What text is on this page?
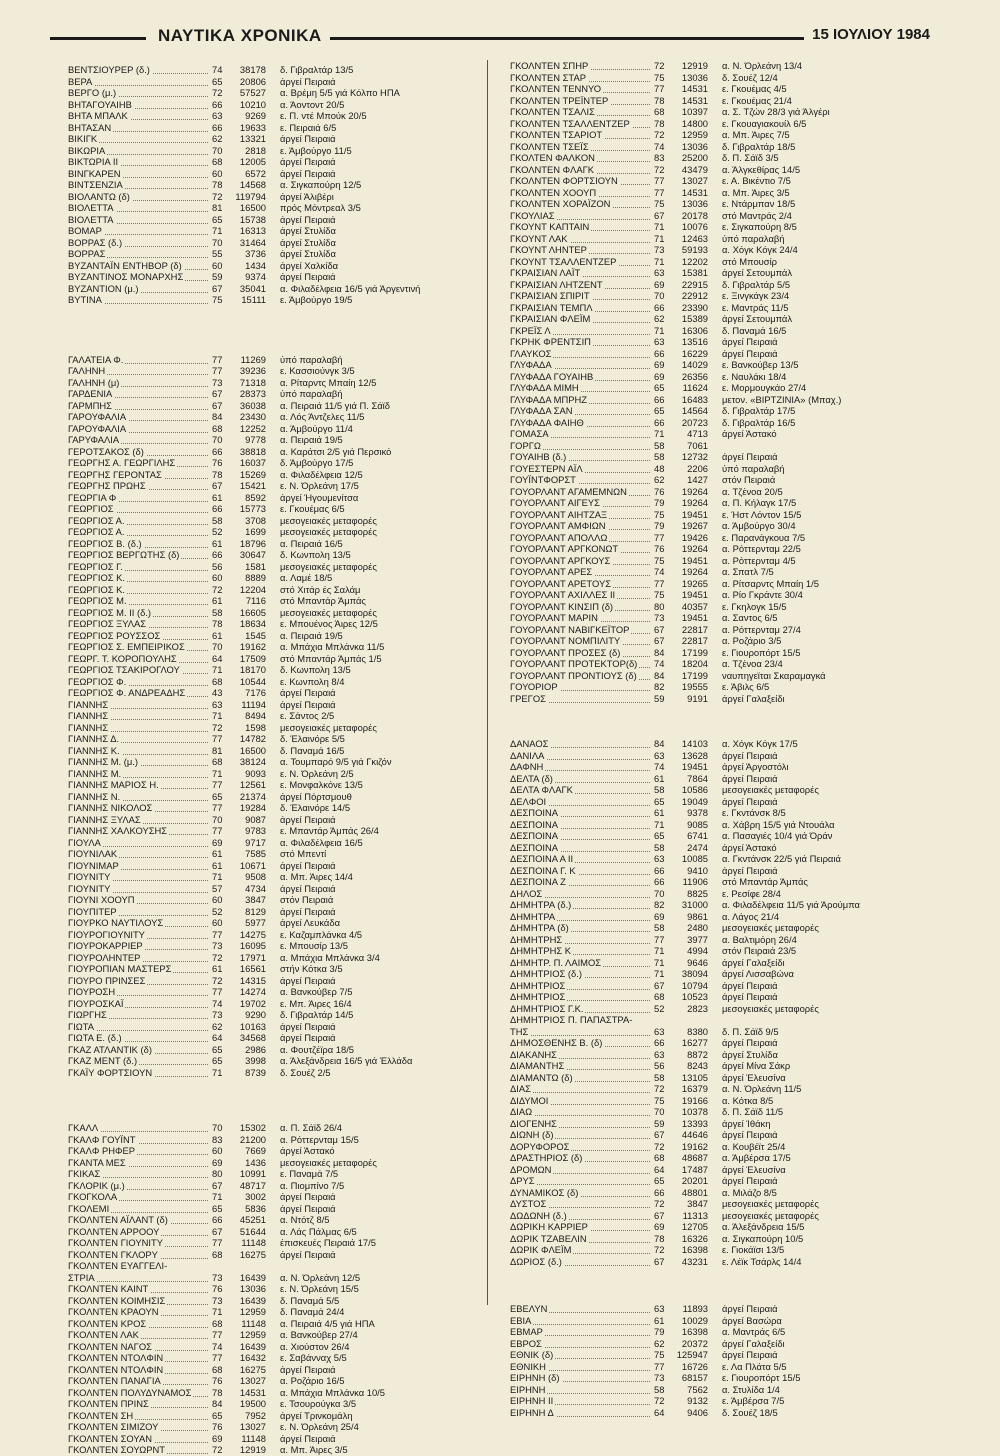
ΝΑΥΤΙΚΑ ΧΡΟΝΙΚΑ	15 ΙΟΥΛΙΟΥ 1984
ΒΕΝΤΣΙΟΥΡΕΡ (δ.)	74	38178 δ. Γιβραλτάρ 13/5
ΒΕΡΑ	65	20806 άργεί Πειραιά
ΒΕΡΓΟ (μ.)	72	57527 α. Βρέμη 5/5 γιά Κόλπο ΗΠΑ
ΒΗΤΑΓΟΥΑΙΗΒ	66	10210 α. Άοντοντ 20/5
ΒΗΤΑ ΜΠΑΛΚ	63	9269 ε. Π. ντέ Μπούκ 20/5
ΒΗΤΑΣΑΝ	66	19633 ε. Πειραιά 6/5
ΒΙΚΙΓΚ	62	13321 άργεί Πειραιά
ΒΙΚΩΡΙΑ	70	2818 ε. Άμβούργο 11/5
ΒΙΚΤΩΡΙΑ II	68	12005 άργεί Πειραιά
ΒΙΝΓΚΑΡΕΝ	60	6572 άργεί Πειραιά
ΒΙΝΤΣΕΝΖΙΑ	78	14568 α. Σιγκαπούρη 12/5
ΒΙΟΛΑΝΤΩ (δ)	72	119794 άργεί Άλιβέρι
ΒΙΟΛΕΤΤΑ	81	16500 πρός Μόντρεαλ 3/5
ΒΙΟΛΕΤΤΑ	65	15738 άργεί Πειραιά
ΒΟΜΑΡ	71	16313 άργεί Στυλίδα
ΒΟΡΡΑΣ (δ.)	70	31464 άργεί Στυλίδα
ΒΟΡΡΑΣ	55	3736 άργεί Στυλίδα
ΒΥΖΑΝΤΑΪΝ ΕΝΤΗΒΟΡ (δ)	60	1434 άργεί Χαλκίδα
ΒΥΖΑΝΤΙΝΟΣ ΜΟΝΑΡΧΗΣ	59	9374 άργεί Πειραιά
ΒΥΖΑΝΤΙΟΝ (μ.)	67	35041 α. Φιλαδέλφεια 16/5 γιά Άργεντινή
ΒΥΤΙΝΑ	75	15111 ε. Άμβούργο 19/5
ΓΑΛΑΤΕΙΑ Φ.	77	11269 ύπό παραλαβή
ΓΑΛΗΝΗ	77	39236 ε. Κασσιούνγκ 3/5
ΓΑΛΗΝΗ (μ)	73	71318 α. Ρίταρντς Μπαίη 12/5
ΓΑΡΔΕΝΙΑ	67	28373 ύπό παραλαβή
ΓΑΡΜΠΗΣ	67	36038 α. Πειραιά 11/5 γιά Π. Σάϊδ
ΓΑΡΟΥΦΑΛΙΑ	84	23430 α. Λός Άντζελες 11/5
ΓΑΡΟΥΦΑΛΙΑ	68	12252 α. Άμβούργο 11/4
ΓΑΡΥΦΑΛΙΑ	70	9778 α. Πειραιά 19/5
ΓΕΡΟΤΣΑΚΟΣ (δ)	66	38818 α. Καράτσι 2/5 γιά Περσικό
ΓΕΩΡΓΗΣ Α. ΓΕΩΡΓΙΛΗΣ	76	16037 δ. Άμβούργο 17/5
ΓΕΩΡΓΗΣ ΓΕΡΟΝΤΑΣ	78	15269 α. Φιλαδέλφεια 12/5
ΓΕΩΡΓΗΣ ΠΡΩΗΣ	67	15421 ε. Ν. Όρλεάνη 17/5
ΓΕΩΡΓΙΑ Φ	61	8592 άργεί Ήγουμενίτσα
ΓΕΩΡΓΙΟΣ	66	15773 ε. Γκουέμας 6/5
ΓΕΩΡΓΙΟΣ Α.	58	3708 μεσογειακές μεταφορές
ΓΕΩΡΓΙΟΣ Α.	52	1699 μεσογειακές μεταφορές
ΓΕΩΡΓΙΟΣ Β. (δ.)	61	18796 α. Πειραιά 16/5
ΓΕΩΡΓΙΟΣ ΒΕΡΓΩΤΗΣ (δ)	66	30647 δ. Κωνπολη 13/5
ΓΕΩΡΓΙΟΣ Γ.	56	1581 μεσογειακές μεταφορές
ΓΕΩΡΓΙΟΣ Κ.	60	8889 α. Λαμέ 18/5
ΓΕΩΡΓΙΟΣ Κ.	72	12204 στό Χιτάρ ές Σαλάμ
ΓΕΩΡΓΙΟΣ Μ.	61	7116 στό Μπαντάρ Άμπάς
ΓΕΩΡΓΙΟΣ Μ. II (δ.)	58	16605 μεσογειακές μεταφορές
ΓΕΩΡΓΙΟΣ ΞΥΛΑΣ	78	18634 ε. Μπουένος Άιρες 12/5
ΓΕΩΡΓΙΟΣ ΡΟΥΣΣΟΣ	61	1545 α. Πειραιά 19/5
ΓΕΩΡΓΙΟΣ Σ. ΕΜΠΕΙΡΙΚΟΣ	70	19162 α. Μπάχια Μπλάνκα 11/5
ΓΕΩΡΓ. Τ. ΚΟΡΟΠΟΥΛΗΣ	64	17509 στό Μπαντάρ Άμπάς 1/5
ΓΕΩΡΓΙΟΣ ΤΣΑΚΙΡΟΓΛΟΥ	71	18170 δ. Κωνπολη 13/5
ΓΕΩΡΓΙΟΣ Φ.	68	10544 ε. Κωνπολη 8/4
ΓΕΩΡΓΙΟΣ Φ. ΑΝΔΡΕΑΔΗΣ	43	7176 άργεί Πειραιά
ΓΙΑΝΝΗΣ	63	11194 άργεί Πειραιά
ΓΙΑΝΝΗΣ	71	8494 ε. Σάντος 2/5
ΓΙΑΝΝΗΣ	72	1598 μεσογειακές μεταφορές
ΓΙΑΝΝΗΣ Δ.	77	14782 δ. Έλαινόρε 5/5
ΓΙΑΝΝΗΣ Κ.	81	16500 δ. Παναμά 16/5
ΓΙΑΝΝΗΣ Μ. (μ.)	68	38124 α. Τουμπαρό 9/5 γιά Γκιζόν
ΓΙΑΝΝΗΣ Μ.	71	9093 ε. Ν. Όρλεάνη 2/5
ΓΙΑΝΝΗΣ ΜΑΡΙΟΣ Η.	77	12561 ε. Μονφαλκόνε 13/5
ΓΙΑΝΝΗΣ Ν.	65	21374 άργεί Πόρτσμουθ
ΓΙΑΝΝΗΣ ΝΙΚΟΛΟΣ	77	19284 δ. Έλαινόρε 14/5
ΓΙΑΝΝΗΣ ΞΥΛΑΣ	70	9087 άργεί Πειραιά
ΓΙΑΝΝΗΣ ΧΑΛΚΟΥΣΗΣ	77	9783 ε. Μπαντάρ Άμπάς 26/4
ΓΙΟΥΛΑ	69	9717 α. Φιλαδέλφεια 16/5
ΓΙΟΥΝΙΛΑΚ	61	7585 στό Μπεντί
ΓΙΟΥΝΙΜΑΡ	61	10671 άργεί Πειραιά
ΓΙΟΥΝΙΤΥ	71	9508 α. Μπ. Άιρες 14/4
ΓΙΟΥΝΙΤΥ	57	4734 άργεί Πειραιά
ΓΙΟΥΝΙ ΧΟΟΥΠ	60	3847 στόν Πειραιά
ΓΙΟΥΠΙΤΕΡ	52	8129 άργεί Πειραιά
ΓΙΟΥΡΚΟ ΝΑΥΤΙΛΟΥΣ	60	5977 άργεί Λευκάδα
ΓΙΟΥΡΟΓΙΟΥΝΙΤΥ	77	14275 ε. Καζαμπλάνκα 4/5
ΓΙΟΥΡΟΚΑΡΡΙΕΡ	73	16095 ε. Μπουσίρ 13/5
ΓΙΟΥΡΟΛΗΝΤΕΡ	72	17971 α. Μπάχια Μπλάνκα 3/4
ΓΙΟΥΡΟΠΙΑΝ ΜΑΣΤΕΡΣ	61	16561 στήν Κότκα 3/5
ΓΙΟΥΡΟ ΠΡΙΝΣΕΣ	72	14315 άργεί Πειραιά
ΓΙΟΥΡΟΣΗ	77	14274 α. Βανκούβερ 7/5
ΓΙΟΥΡΟΣΚΑΪ	74	19702 ε. Μπ. Άιρες 16/4
ΓΙΩΡΓΗΣ	73	9290 δ. Γιβραλτάρ 14/5
ΓΙΩΤΑ	62	10163 άργεί Πειραιά
ΓΙΩΤΑ Ε. (δ.)	64	34568 άργεί Πειραιά
ΓΚΑΖ ΑΤΛΑΝΤΙΚ (δ)	65	2986 α. Φουτζέϊρα 18/5
ΓΚΑΖ ΜΕΝΤ (δ.)	65	3998 α. Άλεξάνδρεια 16/5 γιά Έλλάδα
ΓΚΑΪΥ ΦΟΡΤΣΙΟΥΝ	71	8739 δ. Σουέζ 2/5
ΓΚΑΛΛ	70	15302 α. Π. Σάϊδ 26/4
ΓΚΑΛΦ ΓΟΥΪΝΤ	83	21200 α. Ρόττερνταμ 15/5
ΓΚΑΛΦ ΡΗΦΕΡ	60	7669 άργεί Άστακό
ΓΚΑΝΤΑ ΜΕΣ	69	1436 μεσογειακές μεταφορές
ΓΚΙΚΑΣ	80	10991 ε. Παναμά 7/5
ΓΚΛΟΡΙΚ (μ.)	67	48717 α. Πιομπίνο 7/5
ΓΚΟΓΚΟΛΑ	71	3002 άργεί Πειραιά
ΓΚΟΛΕΜΙ	65	5836 άργεί Πειραιά
ΓΚΟΛΝΤΕΝ ΑΪΛΑΝΤ (δ)	66	45251 α. Ντότζ 8/5
ΓΚΟΛΝΤΕΝ ΑΡΡΟΟΥ	67	51644 α. Λάς Πάλμας 6/5
ΓΚΟΛΝΤΕΝ ΓΙΟΥΝΙΤΥ	77	11148 έπισκευές Πειραιά 17/5
ΓΚΟΛΝΤΕΝ ΓΚΛΟΡΥ	68	16275 άργεί Πειραιά
ΓΚΟΛΝΤΕΝ ΕΥΑΓΓΕΛΙ-
ΣΤΡΙΑ	73	16439 α. Ν. Όρλεάνη 12/5
ΓΚΟΛΝΤΕΝ ΚΑΙΝΤ	76	13036 ε. Ν. Όρλεάνη 15/5
ΓΚΟΛΝΤΕΝ ΚΟΙΜΗΣΙΣ	73	16439 δ. Παναμά 5/5
ΓΚΟΛΝΤΕΝ ΚΡΑΟΥΝ	71	12959 δ. Παναμά 24/4
ΓΚΟΛΝΤΕΝ ΚΡΟΣ	68	11148 α. Πειραιά 4/5 γιά ΗΠΑ
ΓΚΟΛΝΤΕΝ ΛΑΚ	77	12959 α. Βανκούβερ 27/4
ΓΚΟΛΝΤΕΝ ΝΑΓΟΣ	74	16439 α. Χιούστον 26/4
ΓΚΟΛΝΤΕΝ ΝΤΟΛΦΙΝ	77	16432 ε. Σαβάνναχ 5/5
ΓΚΟΛΝΤΕΝ ΝΤΟΛΦΙΝ	68	16275 άργεί Πειραιά
ΓΚΟΛΝΤΕΝ ΠΑΝΑΓΙΑ	76	13027 α. Ροζάριο 16/5
ΓΚΟΛΝΤΕΝ ΠΟΛΥΔΥΝΑΜΟΣ	78	14531 α. Μπάχια Μπλάνκα 10/5
ΓΚΟΛΝΤΕΝ ΠΡΙΝΣ	84	19500 ε. Τσουρούγκα 3/5
ΓΚΟΛΝΤΕΝ ΣΗ	65	7952 άργεί Τρινκομάλη
ΓΚΟΛΝΤΕΝ ΣΙΜΙΖΟΥ	76	13027 ε. Ν. Όρλεάνη 25/4
ΓΚΟΛΝΤΕΝ ΣΟΥΑΝ	69	11148 άργεί Πειραιά
ΓΚΟΛΝΤΕΝ ΣΟΥΩΡΝΤ	72	12919 α. Μπ. Άιρες 3/5
ΓΚΟΛΝΤΕΝ ΣΠΗΡ	72	12919 α. Ν. Όρλεάνη 13/4
ΓΚΟΛΝΤΕΝ ΣΤΑΡ	75	13036 δ. Σουέζ 12/4
ΓΚΟΛΝΤΕΝ ΤΕΝΝΥΟ	77	14531 ε. Γκουέμας 4/5
ΓΚΟΛΝΤΕΝ ΤΡΕΪΝΤΕΡ	78	14531 ε. Γκουέμας 21/4
ΓΚΟΛΝΤΕΝ ΤΣΑΛΙΣ	68	10397 α. Σ. Τζών 28/3 γιά Άλγέρι
ΓΚΟΛΝΤΕΝ ΤΣΑΛΛΕΝΤΖΕΡ	78	14800 ε. Γκουαγιακουίλ 6/5
ΓΚΟΛΝΤΕΝ ΤΣΑΡΙΟΤ	72	12959 α. Μπ. Άιρες 7/5
ΓΚΟΛΝΤΕΝ ΤΣΕΪΣ	74	13036 δ. Γιβραλτάρ 18/5
ΓΚΟΛΤΕΝ ΦΑΛΚΟΝ	83	25200 δ. Π. Σάϊδ 3/5
ΓΚΟΛΝΤΕΝ ΦΛΑΓΚ	72	43479 α. Άλγκεθίρας 14/5
ΓΚΟΛΝΤΕΝ ΦΟΡΤΣΙΟΥΝ	77	13027 ε. Α. Βικέντιο 7/5
ΓΚΟΛΝΤΕΝ ΧΟΟΥΠ	77	14531 α. Μπ. Άιρες 3/5
ΓΚΟΛΝΤΕΝ ΧΟΡΑΪΖΟΝ	75	13036 ε. Ντάρμπαν 18/5
ΓΚΟΥΛΙΑΣ	67	20178 στό Μαντράς 2/4
ΓΚΟΥΝΤ ΚΑΠΤΑΙΝ	71	10076 ε. Σιγκαπούρη 8/5
ΓΚΟΥΝΤ ΛΑΚ	71	12463 ύπό παραλαβή
ΓΚΟΥΝΤ ΛΗΝΤΕΡ	73	59193 α. Χόγκ Κόγκ 24/4
ΓΚΟΥΝΤ ΤΣΑΛΛΕΝΤΖΕΡ	71	12202 στό Μπουσίρ
ΓΚΡΑΙΣΙΑΝ ΛΑΪΤ	63	15381 άργεί Σετουμπάλ
ΓΚΡΑΙΣΙΑΝ ΛΗΤΖΕΝΤ	69	22915 δ. Γιβραλτάρ 5/5
ΓΚΡΑΙΣΙΑΝ ΣΠΙΡΙΤ	70	22912 ε. Ξινγκάγκ 23/4
ΓΚΡΑΙΣΙΑΝ ΤΕΜΠΛ	66	23390 ε. Μαντράς 11/5
ΓΚΡΑΙΣΙΑΝ ΦΛΕΪΜ	62	15389 άργεί Σετουμπάλ
ΓΚΡΕΪΣ Λ	71	16306 δ. Παναμά 16/5
ΓΚΡΗΚ ΦΡΕΝΤΣΙΠ	63	13516 άργεί Πειραιά
ΓΛΑΥΚΟΣ	66	16229 άργεί Πειραιά
ΓΛΥΦΑΔΑ	69	14029 ε. Βανκούβερ 13/5
ΓΛΥΦΑΔΑ ΓΟΥΑΙΗΒ	69	26356 ε. Ναυλάκι 18/4
ΓΛΥΦΑΔΑ ΜΙΜΗ	65	11624 ε. Μορμουγκάο 27/4
ΓΛΥΦΑΔΑ ΜΠΡΗΖ	66	16483 μετον. «ΒΙΡΤΖΙΝΙΑ» (Μπαχ.)
ΓΛΥΦΑΔΑ ΣΑΝ	65	14564 δ. Γιβραλτάρ 17/5
ΓΛΥΦΑΔΑ ΦΑΙΗΘ	66	20723 δ. Γιβραλτάρ 16/5
ΓΟΜΑΣΑ	71	4713 άργεί Άστακό
ΓΟΡΓΩ	58	7061
ΓΟΥΑΙΗΒ (δ.)	58	12732 άργεί Πειραιά
ΓΟΥΕΣΤΕΡΝ ΑΪΛ	48	2206 ύπό παραλαβή
ΓΟΥΪΝΤΦΟΡΣΤ	62	1427 στόν Πειραιά
ΓΟΥΟΡΛΑΝΤ ΑΓΑΜΕΜΝΩΝ	76	19264 α. Τζένοα 20/5
ΓΟΥΟΡΛΑΝΤ ΑΙΓΕΥΣ	79	19264 α. Π. Κήλαγκ 17/5
ΓΟΥΟΡΛΑΝΤ ΑΙΗΤΖΑΞ	75	19451 ε. Ήστ Λόντον 15/5
ΓΟΥΟΡΛΑΝΤ ΑΜΦΙΩΝ	79	19267 α. Άμβούργο 30/4
ΓΟΥΟΡΛΑΝΤ ΑΠΟΛΛΩ	77	19426 ε. Παρανάγκουα 7/5
ΓΟΥΟΡΛΑΝΤ ΑΡΓΚΟΝΩΤ	76	19264 α. Ρόττερνταμ 22/5
ΓΟΥΟΡΛΑΝΤ ΑΡΓΚΟΥΣ	75	19451 α. Ρόττερνταμ 4/5
ΓΟΥΟΡΛΑΝΤ ΑΡΕΣ	74	19264 α. Σπατλ 7/5
ΓΟΥΟΡΛΑΝΤ ΑΡΕΤΟΥΣ	77	19265 α. Ρίτσαρντς Μπαίη 1/5
ΓΟΥΟΡΛΑΝΤ ΑΧΙΛΛΕΣ II	75	19451 α. Ρίο Γκράντε 30/4
ΓΟΥΟΡΛΑΝΤ ΚΙΝΣΙΠ (δ)	80	40357 ε. Γκηλογκ 15/5
ΓΟΥΟΡΛΑΝΤ ΜΑΡΙΝ	73	19451 α. Σαντος 6/5
ΓΟΥΟΡΛΑΝΤ ΝΑΒΙΓΚΕΪΤΟΡ	67	22817 α. Ρόττερνταμ 27/4
ΓΟΥΟΡΛΑΝΤ ΝΟΜΠΙΛΙΤΥ	67	22817 α. Ροζάριο 3/5
ΓΟΥΟΡΛΑΝΤ ΠΡΟΣΕΣ (δ)	84	17199 ε. Γιουροπόρτ 15/5
ΓΟΥΟΡΛΑΝΤ ΠΡΟΤΕΚΤΟΡ(δ)	74	18204 α. Τζένοα 23/4
ΓΟΥΟΡΛΑΝΤ ΠΡΟΝΤΙΟΥΣ (δ)	84	17199 ναυπηγεϊται Σκαραμαγκά
ΓΟΥΟΡΙΟΡ	82	19555 ε. Άβιλς 6/5
ΓΡΕΓΟΣ	59	9191 άργεί Γαλαξείδι
ΔΑΝΑΟΣ	84	14103 α. Χόγκ Κόγκ 17/5
ΔΑΝΙΛΑ	63	13628 άργεί Πειραιά
ΔΑΦΝΗ	74	19451 άργεί Άργοστόλι
ΔΕΛΤΑ (δ)	61	7864 άργεί Πειραιά
ΔΕΛΤΑ ΦΛΑΓΚ	58	10586 μεσογειακές μεταφορές
ΔΕΛΦΟΙ	65	19049 άργεί Πειραιά
ΔΕΣΠΟΙΝΑ	61	9378 ε. Γκντάνσκ 8/5
ΔΕΣΠΟΙΝΑ	71	9085 α. Χάβρη 15/5 γιά Ντουάλα
ΔΕΣΠΟΙΝΑ	65	6741 α. Πασαγιές 10/4 γιά Όράν
ΔΕΣΠΟΙΝΑ	58	2474 άργεί Άστακό
ΔΕΣΠΟΙΝΑ Α II	63	10085 α. Γκντάνσκ 22/5 γιά Πειραιά
ΔΕΣΠΟΙΝΑ Γ. Κ	66	9410 άργεί Πειραιά
ΔΕΣΠΟΙΝΑ Ζ	66	11906 στό Μπαντάρ Άμπάς
ΔΗΛΟΣ	70	8825 ε. Ρεσίφε 28/4
ΔΗΜΗΤΡΑ (δ.)	82	31000 α. Φιλαδέλφεια 11/5 γιά Άρούμπα
ΔΗΜΗΤΡΑ	69	9861 α. Λάγος 21/4
ΔΗΜΗΤΡΑ (δ)	58	2480 μεσογειακές μεταφορές
ΔΗΜΗΤΡΗΣ	77	3977 α. Βαλτιμόρη 26/4
ΔΗΜΗΤΡΗΣ Κ	71	4994 στόν Πειραιά 23/5
ΔΗΜΗΤΡ. Π. ΛΑΙΜΟΣ	71	9646 άργεί Γαλαξείδι
ΔΗΜΗΤΡΙΟΣ (δ.)	71	38094 άργεί Λισσαβώνα
ΔΗΜΗΤΡΙΟΣ	67	10794 άργεί Πειραιά
ΔΗΜΗΤΡΙΟΣ	68	10523 άργεί Πειραιά
ΔΗΜΗΤΡΙΟΣ Γ.Κ.	52	2823 μεσογειακές μεταφορές
ΔΗΜΗΤΡΙΟΣ Π. ΠΑΠΑΣΤΡΑ-
ΤΗΣ	63	8380 δ. Π. Σάϊδ 9/5
ΔΗΜΟΣΘΕΝΗΣ Β. (δ)	66	16277 άργεί Πειραιά
ΔΙΑΚΑΝΗΣ	63	8872 άργεί Στυλίδα
ΔΙΑΜΑΝΤΗΣ	56	8243 άργεί Μίνα Σάκρ
ΔΙΑΜΑΝΤΩ (δ)	58	13105 άργεί Έλευσίνα
ΔΙΑΣ	72	16379 α. Ν. Όρλεάνη 11/5
ΔΙΔΥΜΟΙ	75	19166 α. Κότκα 8/5
ΔΙΑΩ	70	10378 δ. Π. Σάϊδ 11/5
ΔΙΟΓΕΝΗΣ	59	13393 άργεί Ίθάκη
ΔΙΩΝΗ (δ)	67	44646 άργεί Πειραιά
ΔΟΡΥΦΟΡΟΣ	72	19162 α. Κουβέϊτ 25/4
ΔΡΑΣΤΗΡΙΟΣ (δ)	68	48687 α. Άμβέρσα 17/5
ΔΡΟΜΩΝ	64	17487 άργεί Έλευσίνα
ΔΡΥΣ	65	20201 άργεί Πειραιά
ΔΥΝΑΜΙΚΟΣ (δ)	66	48801 α. Μιλάζο 8/5
ΔΥΣΤΟΣ	72	3847 μεσογειακές μεταφορές
ΔΩΔΩΝΗ (δ.)	67	11313 μεσογειακές μεταφορές
ΔΩΡΙΚΗ ΚΑΡΡΙΕΡ	69	12705 α. Άλεξάνδρεια 15/5
ΔΩΡΙΚ ΤΖΑΒΕΛΙΝ	78	16326 α. Σιγκαπούρη 10/5
ΔΩΡΙΚ ΦΛΕΪΜ	72	16398 ε. Γιοκάϊσι 13/5
ΔΩΡΙΟΣ (δ.)	67	43231 ε. Λέϊκ Τσάρλς 14/4
ΕΒΕΛΥΝ	63	11893 άργεί Πειραιά
ΕΒΙΑ	61	10029 άργεί Βασώρα
ΕΒΜΑΡ	79	16398 α. Μαντράς 6/5
ΕΒΡΟΣ	62	20372 άργεί Γαλαξείδι
ΕΘΝΙΚ (δ)	75	125947 άργεί Πειραιά
ΕΘΝΙΚΗ	77	16726 ε. Λα Πλάτα 5/5
ΕΙΡΗΝΗ (δ)	73	68157 ε. Γιουροπόρτ 15/5
ΕΙΡΗΝΗ	58	7562 α. Στυλίδα 1/4
ΕΙΡΗΝΗ II	72	9132 ε. Άμβέρσα 7/5
ΕΙΡΗΝΗ Δ	64	9406 δ. Σουέζ 18/5
